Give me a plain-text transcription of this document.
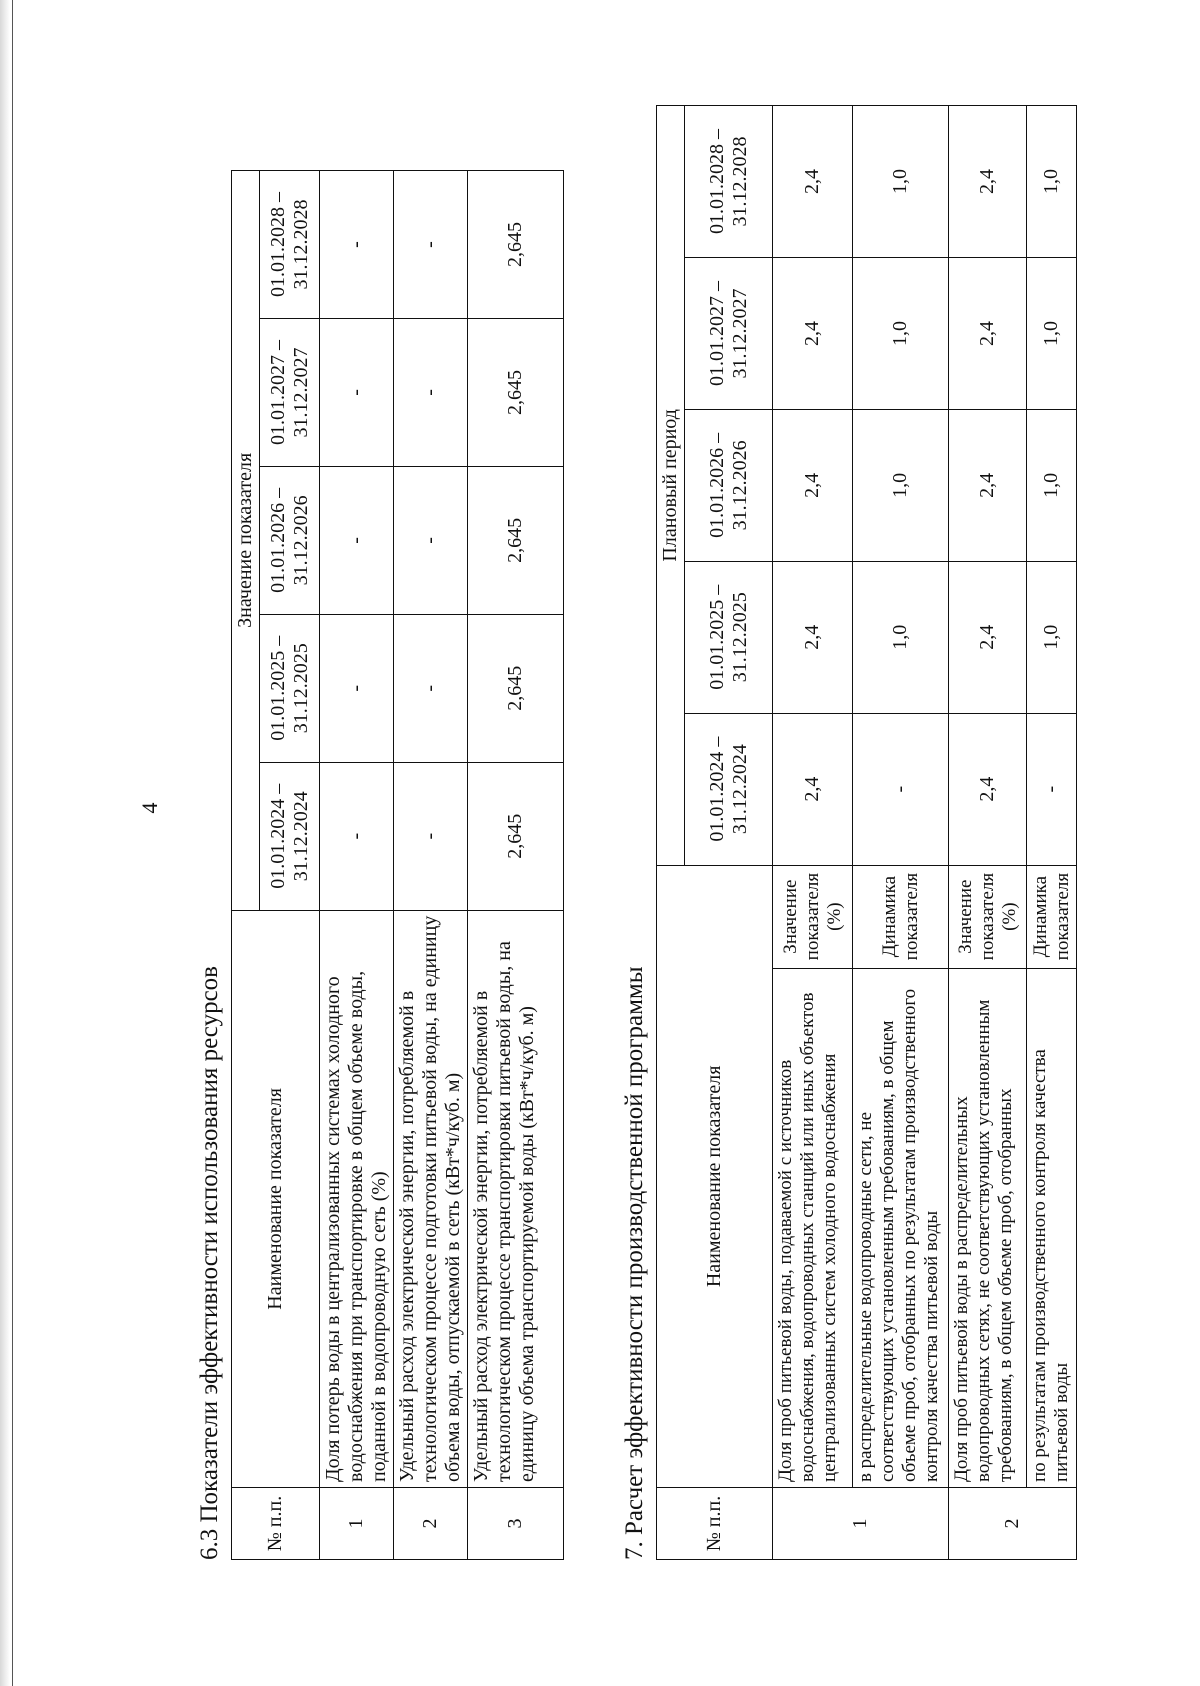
4
6.3 Показатели эффективности использования ресурсов № п.п.	Наименование показателя	Значение показателя				
		01.01.2024 – 31.12.2024	01.01.2025 – 31.12.2025	01.01.2026 – 31.12.2026	01.01.2027 – 31.12.2027	01.01.2028 – 31.12.2028
1	Доля потерь воды в централизованных системах холодного водоснабжения при транспортировке в общем объеме воды, поданной в водопроводную сеть (%)	-	-	-	-	-
2	Удельный расход электрической энергии, потребляемой в технологическом процессе подготовки питьевой воды, на единицу объема воды, отпускаемой в сеть (кВт*ч/куб. м)	-	-	-	-	-
3	Удельный расход электрической энергии, потребляемой в технологическом процессе транспортировки питьевой воды, на единицу объема транспортируемой воды (кВт*ч/куб. м)	2,645	2,645	2,645	2,645	2,645
7. Расчет эффективности производственной программы	№ п.п.	Наименование показателя		Плановый период				
			01.01.2024 – 31.12.2024	01.01.2025 – 31.12.2025	01.01.2026 – 31.12.2026	01.01.2027 – 31.12.2027	01.01.2028 – 31.12.2028
1	Доля проб питьевой воды, подаваемой с источников водоснабжения, водопроводных станций или иных объектов централизованных систем холодного водоснабжения	Значение показателя (%)	2,4	2,4	2,4	2,4	2,4
	в распределительные водопроводные сети, не соответствующих установленным требованиям, в общем объеме проб, отобранных по результатам производственного контроля качества питьевой воды	Динамика показателя	-	1,0	1,0	1,0	1,0
2	Доля проб питьевой воды в распределительных водопроводных сетях, не соответствующих установленным требованиям, в общем объеме проб, отобранных	Значение показателя (%)	2,4	2,4	2,4	2,4	2,4
	по результатам производственного контроля качества питьевой воды	Динамика показателя	-	1,0	1,0	1,0	1,0
